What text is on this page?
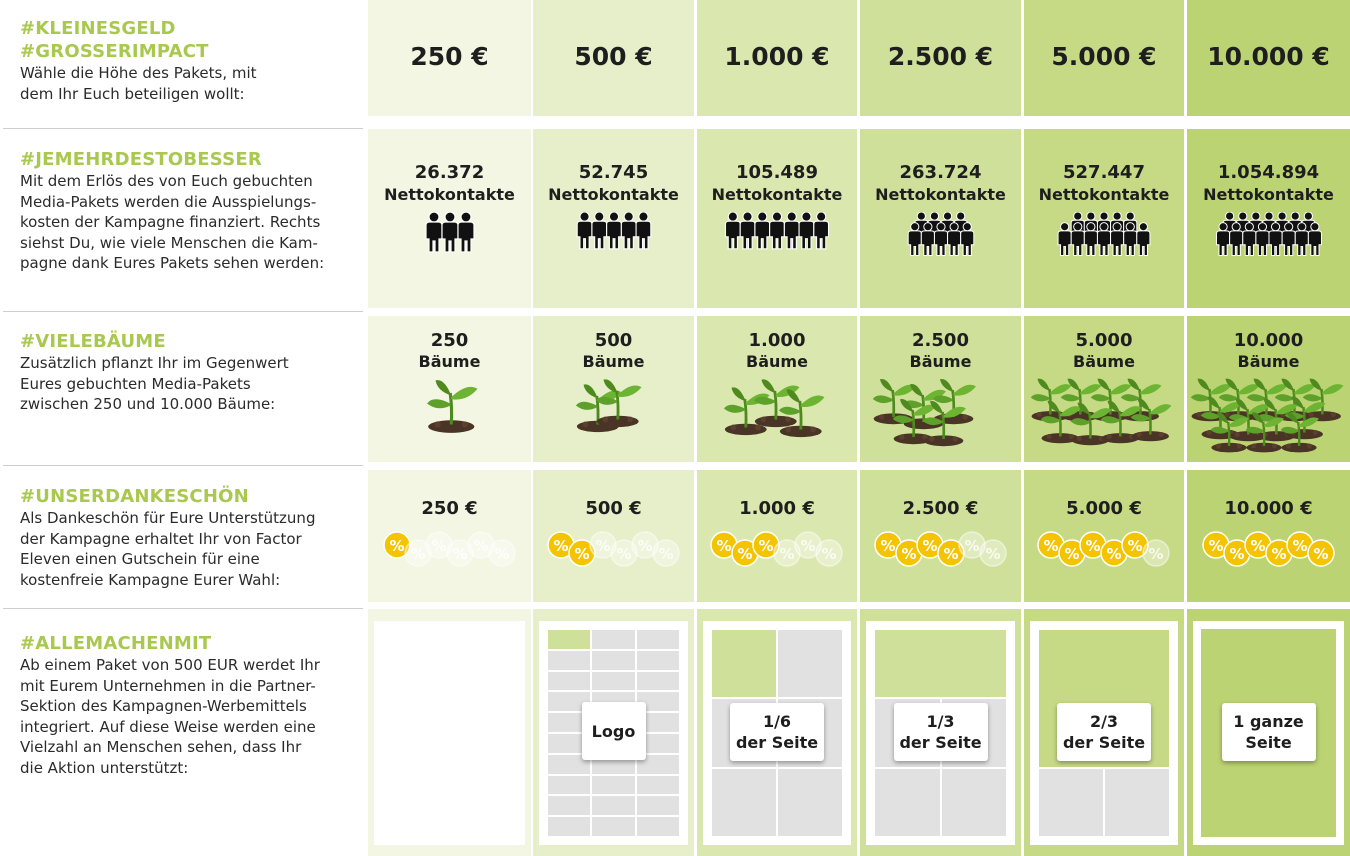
#KLEINESGELD
#GROSSERIMPACT
Wähle die Höhe des Pakets, mit
dem Ihr Euch beteiligen wollt:
#JEMEHRDESTOBESSER
Mit dem Erlös des von Euch gebuchten
Media-Pakets werden die Ausspielungs-
kosten der Kampagne finanziert. Rechts
siehst Du, wie viele Menschen die Kam-
pagne dank Eures Pakets sehen werden:
#VIELEBÄUME
Zusätzlich pflanzt Ihr im Gegenwert
Eures gebuchten Media-Pakets
zwischen 250 und 10.000 Bäume:
#UNSERDANKESCHÖN
Als Dankeschön für Eure Unterstützung
der Kampagne erhaltet Ihr von Factor
Eleven einen Gutschein für eine
kostenfreie Kampagne Eurer Wahl:
#ALLEMACHENMIT
Ab einem Paket von 500 EUR werdet Ihr
mit Eurem Unternehmen in die Partner-
Sektion des Kampagnen-Werbemittels
integriert. Auf diese Weise werden eine
Vielzahl an Menschen sehen, dass Ihr
die Aktion unterstützt:
250 €
26.372
Nettokontakte
250
Bäume
250 €
% % % % % %
500 €
52.745
Nettokontakte
500
Bäume
500 €
% % % % % %
Logo
1.000 €
105.489
Nettokontakte
1.000
Bäume
1.000 €
% % % % % %
1/6
der Seite
2.500 €
263.724
Nettokontakte
2.500
Bäume
2.500 €
% % % % % %
1/3
der Seite
5.000 €
527.447
Nettokontakte
5.000
Bäume
5.000 €
% % % % % %
2/3
der Seite
10.000 €
1.054.894
Nettokontakte
10.000
Bäume
10.000 €
% % % % % %
1 ganze
Seite
